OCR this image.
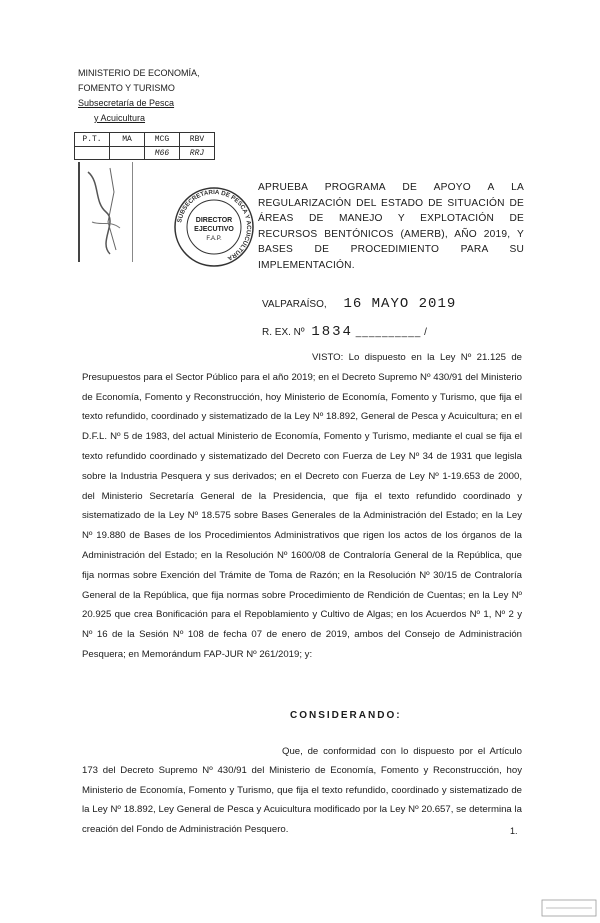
MINISTERIO DE ECONOMÍA,
FOMENTO Y TURISMO
Subsecretaría de Pesca
y Acuicultura
P.T.	MA	MCG	RBV
		M66	RRJ
SUBSECRETARIA DE PESCA Y ACUICULTURA
DIRECTOR
EJECUTIVO
F.A.P.
APRUEBA PROGRAMA DE APOYO A LA REGULARIZACIÓN DEL ESTADO DE SITUACIÓN DE ÁREAS DE MANEJO Y EXPLOTACIÓN DE RECURSOS BENTÓNICOS (AMERB), AÑO 2019, Y BASES DE PROCEDIMIENTO PARA SU IMPLEMENTACIÓN.
VALPARAÍSO, 16 MAYO 2019
R. EX. Nº 1834 __________ /
VISTO: Lo dispuesto en la Ley Nº 21.125 de Presupuestos para el Sector Público para el año 2019; en el Decreto Supremo Nº 430/91 del Ministerio de Economía, Fomento y Reconstrucción, hoy Ministerio de Economía, Fomento y Turismo, que fija el texto refundido, coordinado y sistematizado de la Ley Nº 18.892, General de Pesca y Acuicultura; en el D.F.L. Nº 5 de 1983, del actual Ministerio de Economía, Fomento y Turismo, mediante el cual se fija el texto refundido coordinado y sistematizado del Decreto con Fuerza de Ley Nº 34 de 1931 que legisla sobre la Industria Pesquera y sus derivados; en el Decreto con Fuerza de Ley Nº 1-19.653 de 2000, del Ministerio Secretaría General de la Presidencia, que fija el texto refundido coordinado y sistematizado de la Ley Nº 18.575 sobre Bases Generales de la Administración del Estado; en la Ley Nº 19.880 de Bases de los Procedimientos Administrativos que rigen los actos de los órganos de la Administración del Estado; en la Resolución Nº 1600/08 de Contraloría General de la República, que fija normas sobre Exención del Trámite de Toma de Razón; en la Resolución Nº 30/15 de Contraloría General de la República, que fija normas sobre Procedimiento de Rendición de Cuentas; en la Ley Nº 20.925 que crea Bonificación para el Repoblamiento y Cultivo de Algas; en los Acuerdos Nº 1, Nº 2 y Nº 16 de la Sesión Nº 108 de fecha 07 de enero de 2019, ambos del Consejo de Administración Pesquera; en Memorándum FAP-JUR Nº 261/2019; y:
CONSIDERANDO:
Que, de conformidad con lo dispuesto por el Artículo 173 del Decreto Supremo Nº 430/91 del Ministerio de Economía, Fomento y Reconstrucción, hoy Ministerio de Economía, Fomento y Turismo, que fija el texto refundido, coordinado y sistematizado de la Ley Nº 18.892, Ley General de Pesca y Acuicultura modificado por la Ley Nº 20.657, se determina la creación del Fondo de Administración Pesquero.	1.
